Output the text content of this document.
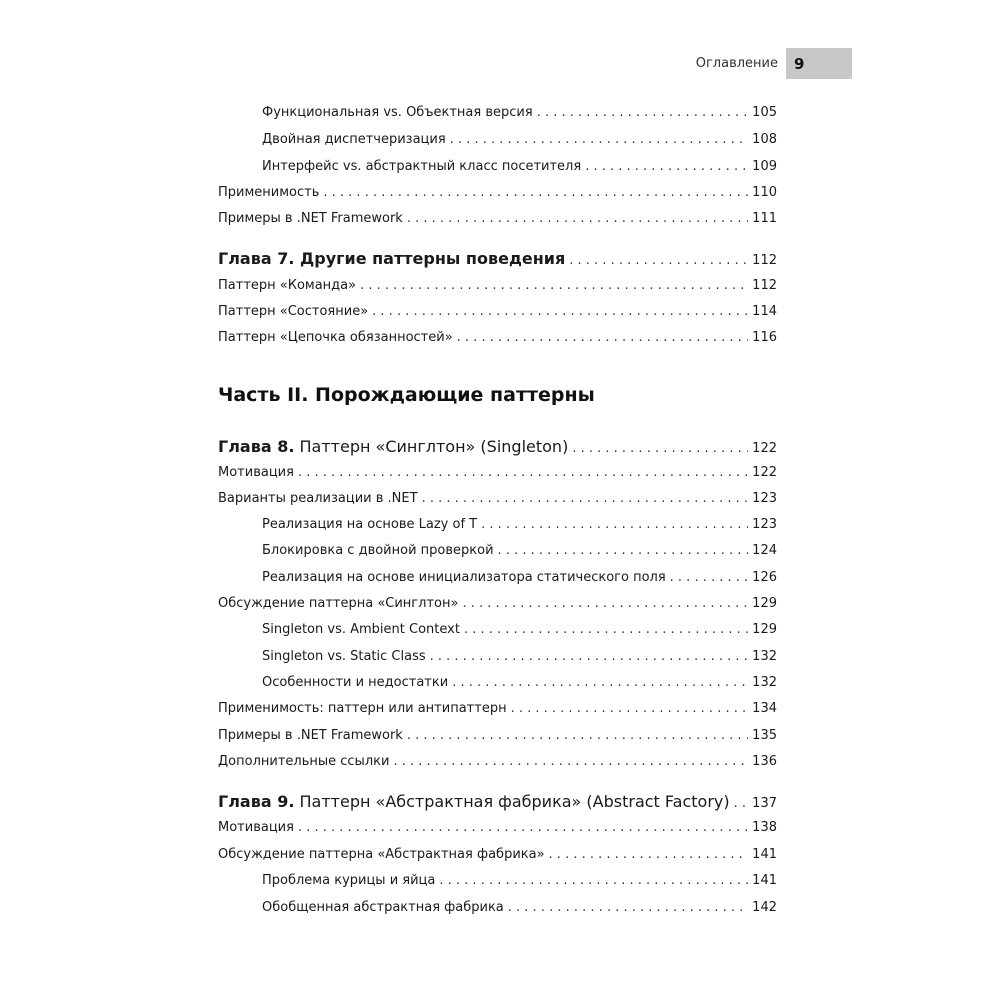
Оглавление	9
Функциональная vs. Объектная версия . . .	105
Двойная диспетчеризация . . .	108
Интерфейс vs. абстрактный класс посетителя . . .	109
Применимость . . .	110
Примеры в .NET Framework . . .	111
Глава 7. Другие паттерны поведения . . .	112
Паттерн «Команда» . . .	112
Паттерн «Состояние» . . .	114
Паттерн «Цепочка обязанностей» . . .	116
Часть II. Порождающие паттерны
Глава 8. Паттерн «Синглтон» (Singleton) . . .	122
Мотивация . . .	122
Варианты реализации в .NET . . .	123
Реализация на основе Lazy of T . . .	123
Блокировка с двойной проверкой . . .	124
Реализация на основе инициализатора статического поля . . .	126
Обсуждение паттерна «Синглтон» . . .	129
Singleton vs. Ambient Context . . .	129
Singleton vs. Static Class . . .	132
Особенности и недостатки . . .	132
Применимость: паттерн или антипаттерн . . .	134
Примеры в .NET Framework . . .	135
Дополнительные ссылки . . .	136
Глава 9. Паттерн «Абстрактная фабрика» (Abstract Factory) . . . 137
Мотивация . . .	138
Обсуждение паттерна «Абстрактная фабрика» . . .	141
Проблема курицы и яйца . . .	141
Обобщенная абстрактная фабрика . . .	142
